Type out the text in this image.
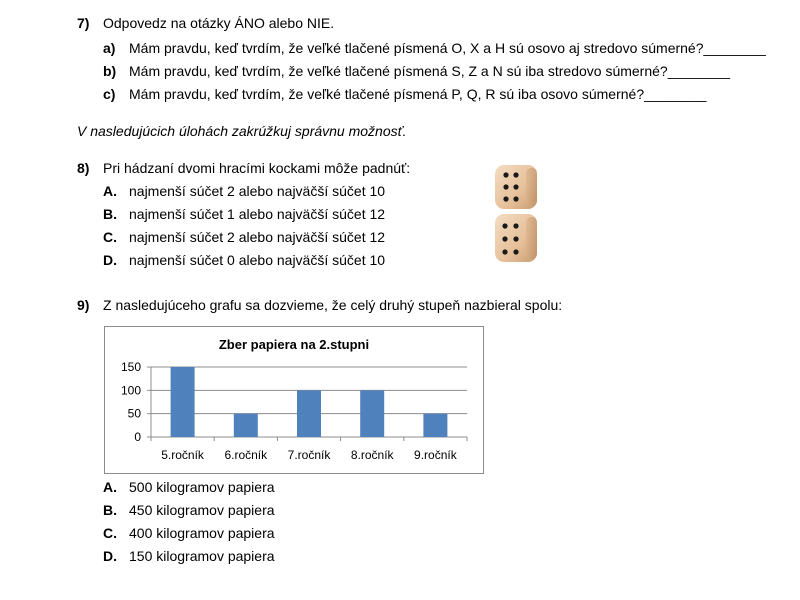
7) Odpovedz na otázky ÁNO alebo NIE.
a) Mám pravdu, keď tvrdím, že veľké tlačené písmená O, X a H sú osovo aj stredovo súmerné?________
b) Mám pravdu, keď tvrdím, že veľké tlačené písmená S, Z a N sú iba stredovo súmerné?________
c) Mám pravdu, keď tvrdím, že veľké tlačené písmená P, Q, R sú iba osovo súmerné?________
V nasledujúcich úlohách zakrúžkuj správnu možnosť.
8) Pri hádzaní dvomi hracími kockami môže padnúť:
A. najmenší súčet 2 alebo najväčší súčet 10
B. najmenší súčet 1 alebo najväčší súčet 12
C. najmenší súčet 2 alebo najväčší súčet 12
D. najmenší súčet 0 alebo najväčší súčet 10
9) Z nasledujúceho grafu sa dozvieme, že celý druhý stupeň nazbieral spolu:
Zber papiera na 2.stupni
0
50
100
150
5.ročník 6.ročník 7.ročník 8.ročník 9.ročník
A. 500 kilogramov papiera
B. 450 kilogramov papiera
C. 400 kilogramov papiera
D. 150 kilogramov papiera
